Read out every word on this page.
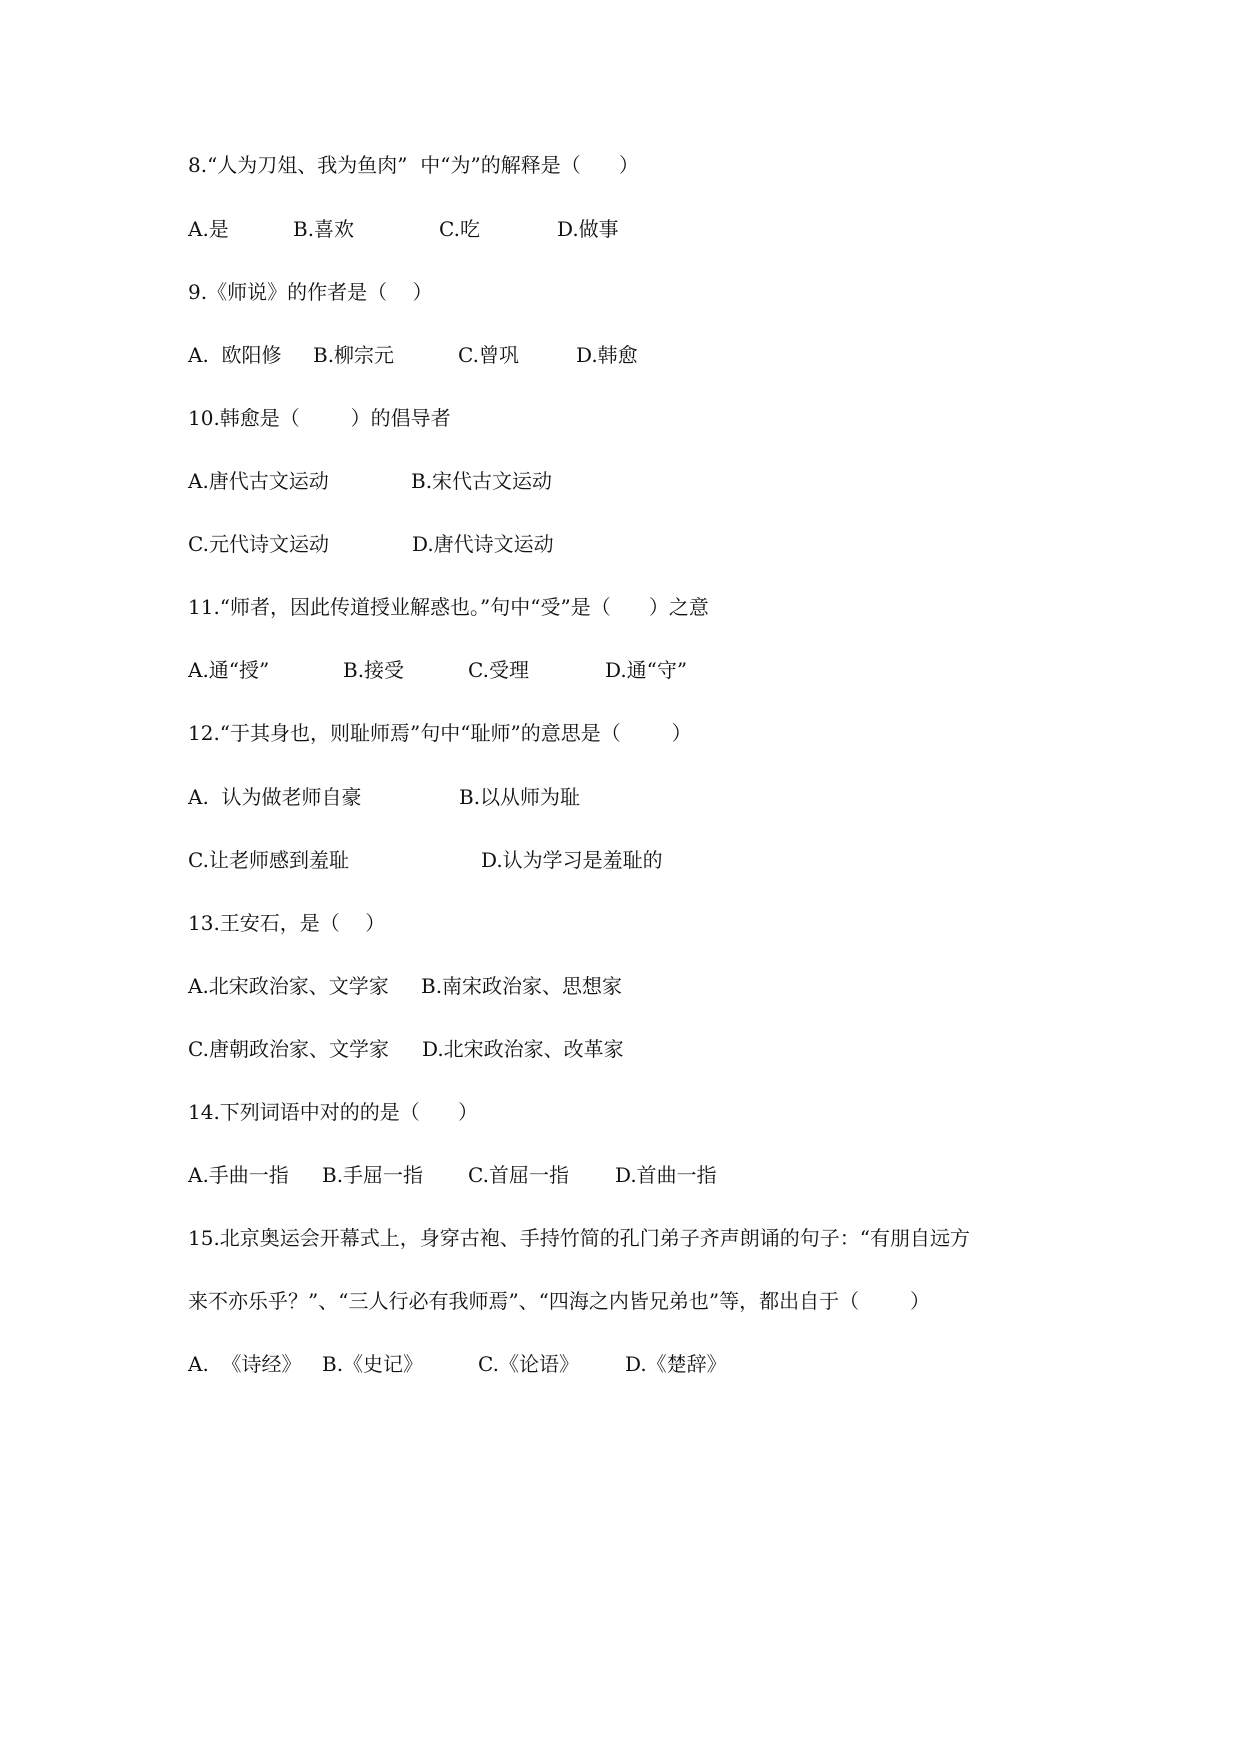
8.“人为刀俎、我为鱼肉”  中“为”的解释是（      ）

A.是

	B.喜欢

	C.吃

	D.做事

9.《师说》的作者是（    ）

A.  欧阳修

B.柳宗元

	C.曾巩

	D.韩愈

10.韩愈是（        ）的倡导者

A.唐代古文运动

	B.宋代古文运动

C.元代诗文运动

	D.唐代诗文运动

11.“师者，因此传道授业解惑也。”句中“受”是（      ）之意

A.通“授”

	B.接受

	C.受理

	D.通“守”

12.“于其身也，则耻师焉”句中“耻师”的意思是（        ）

A.  认为做老师自豪

	B.以从师为耻

C.让老师感到羞耻

	D.认为学习是羞耻的

13.王安石，是（    ）

A.北宋政治家、文学家

B.南宋政治家、思想家

C.唐朝政治家、文学家

D.北宋政治家、改革家

14.下列词语中对的的是（      ）

A.手曲一指

B.手屈一指

C.首屈一指

D.首曲一指

15.北京奥运会开幕式上，身穿古袍、手持竹简的孔门弟子齐声朗诵的句子：“有朋自远方
来不亦乐乎？”、“三人行必有我师焉”、“四海之内皆兄弟也”等，都出自于（        ）

A.  《诗经》

B.《史记》

	C.《论语》

D.《楚辞》
